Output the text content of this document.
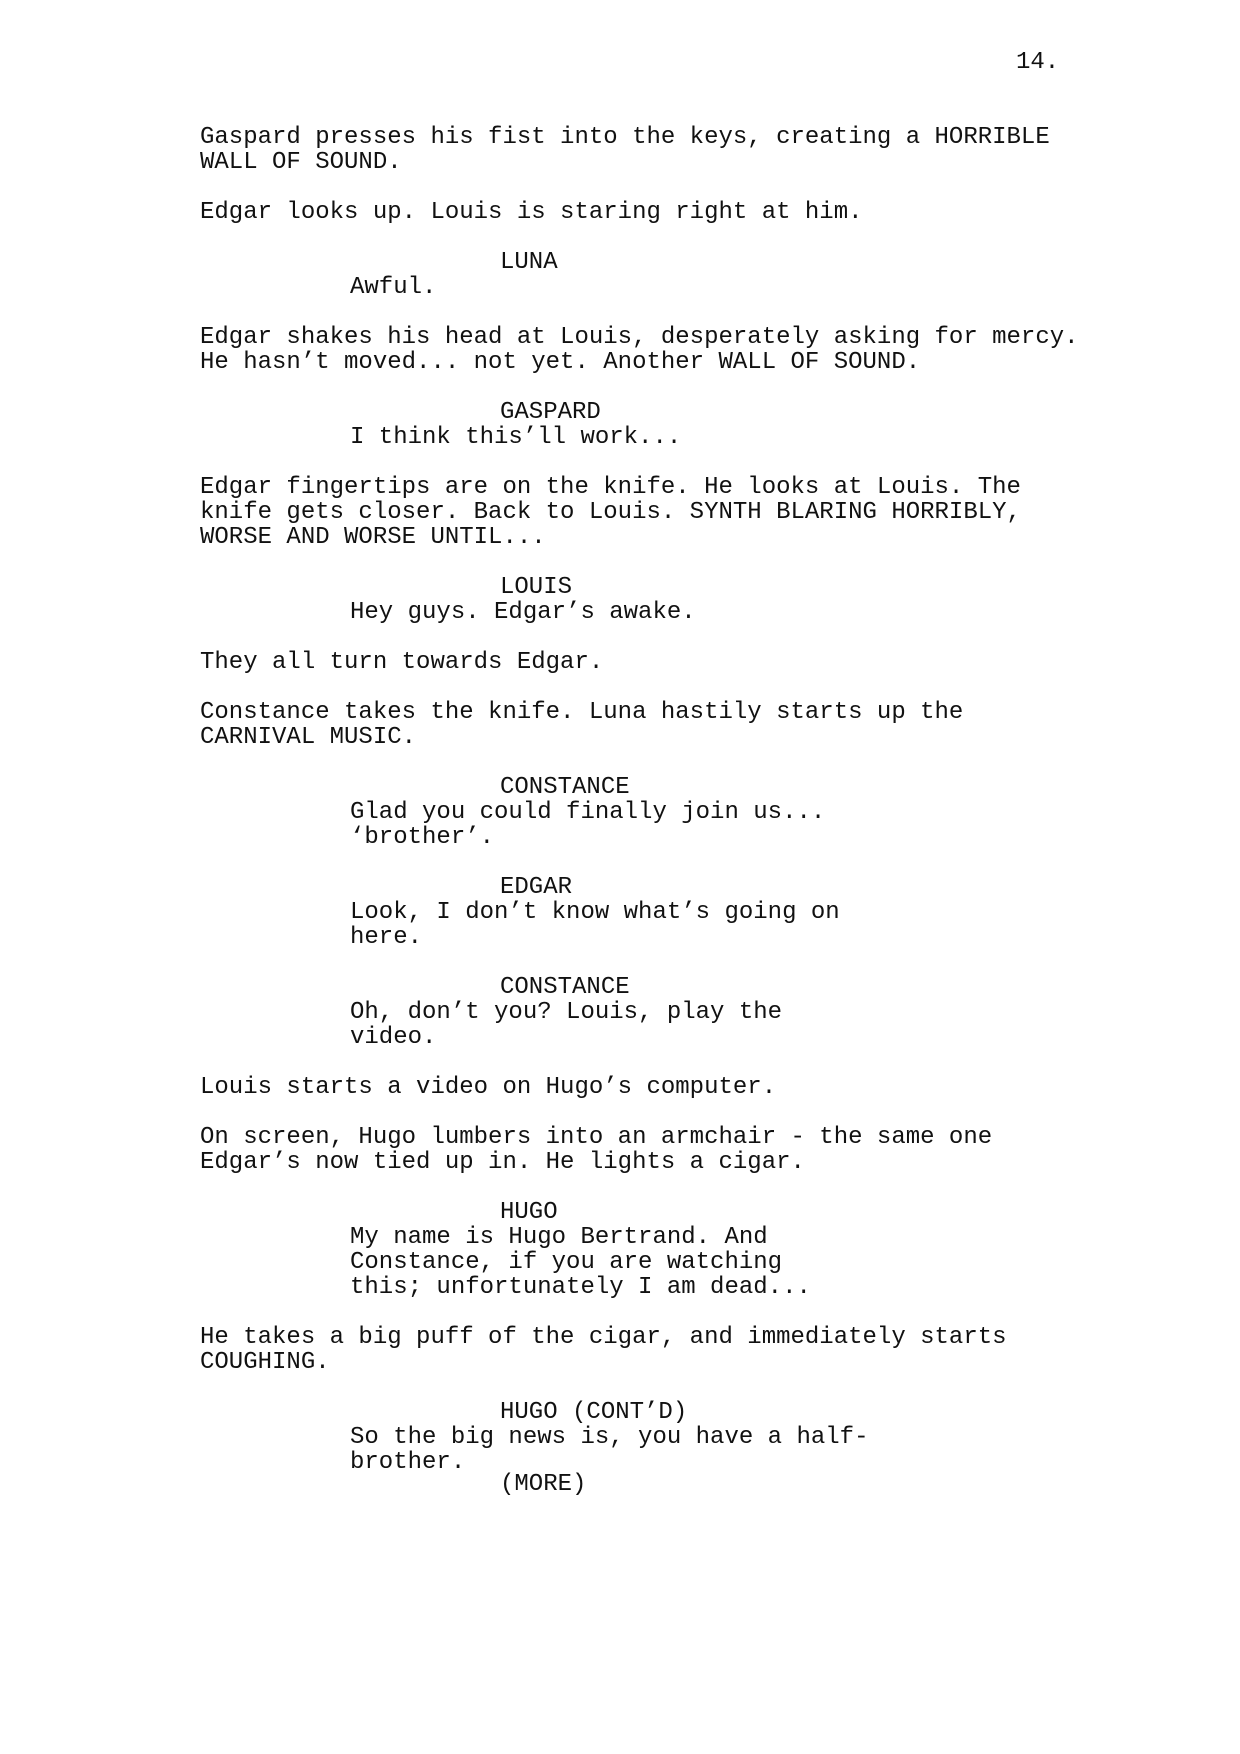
14.
Gaspard presses his fist into the keys, creating a HORRIBLE
WALL OF SOUND.
Edgar looks up. Louis is staring right at him.
LUNA
Awful.
Edgar shakes his head at Louis, desperately asking for mercy.
He hasn’t moved... not yet. Another WALL OF SOUND.
GASPARD
I think this’ll work...
Edgar fingertips are on the knife. He looks at Louis. The
knife gets closer. Back to Louis. SYNTH BLARING HORRIBLY,
WORSE AND WORSE UNTIL...
LOUIS
Hey guys. Edgar’s awake.
They all turn towards Edgar.
Constance takes the knife. Luna hastily starts up the
CARNIVAL MUSIC.
CONSTANCE
Glad you could finally join us...
‘brother’.
EDGAR
Look, I don’t know what’s going on
here.
CONSTANCE
Oh, don’t you? Louis, play the
video.
Louis starts a video on Hugo’s computer.
On screen, Hugo lumbers into an armchair - the same one
Edgar’s now tied up in. He lights a cigar.
HUGO
My name is Hugo Bertrand. And
Constance, if you are watching
this; unfortunately I am dead...
He takes a big puff of the cigar, and immediately starts
COUGHING.
HUGO (CONT’D)
So the big news is, you have a half-
brother.
(MORE)
